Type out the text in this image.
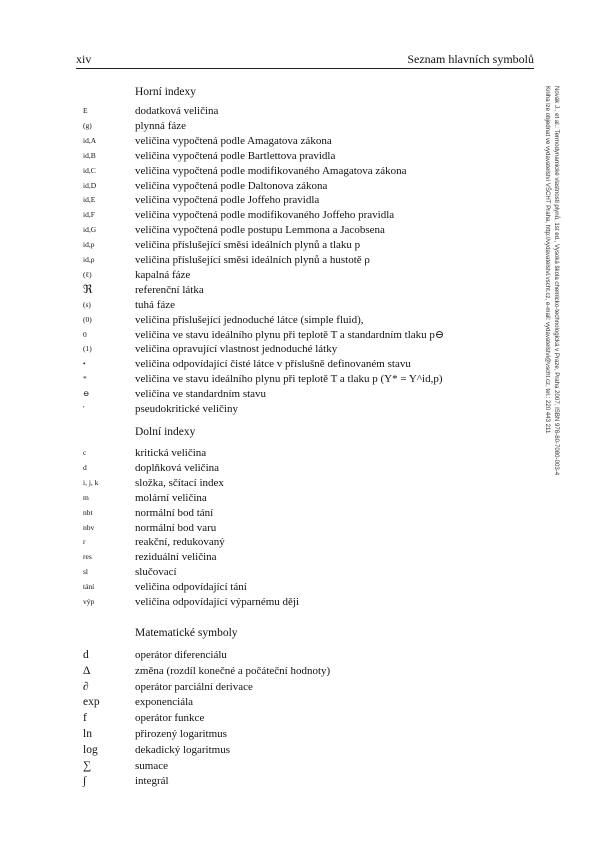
xiv	Seznam hlavních symbolů
Horní indexy
E	dodatková veličina
(g)	plynná fáze
id,A	veličina vypočtená podle Amagatova zákona
id,B	veličina vypočtená podle Bartlettova pravidla
id,C	veličina vypočtená podle modifikovaného Amagatova zákona
id,D	veličina vypočtená podle Daltonova zákona
id,E	veličina vypočtená podle Joffeho pravidla
id,F	veličina vypočtená podle modifikovaného Joffeho pravidla
id,G	veličina vypočtená podle postupu Lemmona a Jacobsena
id,p	veličina příslušející směsi ideálních plynů a tlaku p
id,ρ	veličina příslušející směsi ideálních plynů a hustotě ρ
(ℓ)	kapalná fáze
ℜ	referenční látka
(s)	tuhá fáze
(0)	veličina příslušející jednoduché látce (simple fluid),
0	veličina ve stavu ideálního plynu při teplotě T a standardním tlaku p⊖
(1)	veličina opravující vlastnost jednoduché látky
•	veličina odpovídající čisté látce v příslušně definovaném stavu
*	veličina ve stavu ideálního plynu při teplotě T a tlaku p (Y* = Y^id,p)
⊖	veličina ve standardním stavu
′	pseudokritické veličiny
Dolní indexy
c	kritická veličina
d	doplňková veličina
i, j, k	složka, sčítací index
m	molární veličina
nbt	normální bod tání
nbv	normální bod varu
r	reakční, redukovaný
res	reziduální veličina
sl	slučovací
tání	veličina odpovídající tání
výp	veličina odpovídající výparnému ději
Matematické symboly
d	operátor diferenciálu
Δ	změna (rozdíl konečné a počáteční hodnoty)
∂	operátor parciální derivace
exp	exponenciála
f	operátor funkce
ln	přirozený logaritmus
log	dekadický logaritmus
∑	sumace
∫	integrál
Novák J., et al.: Termodynamické vlastnosti plynů, 1st ed., Vysoká škola chemicko-technologická v Praze, Praha 2007, ISBN 978-80-7080-003-4
Kniha lze objednat ve vydavatelství VŠCHT Praha, http://vydavatelstvi.vscht.cz, e-mail: vydavatelstvi@vscht.cz, tel.: 220 443 211
